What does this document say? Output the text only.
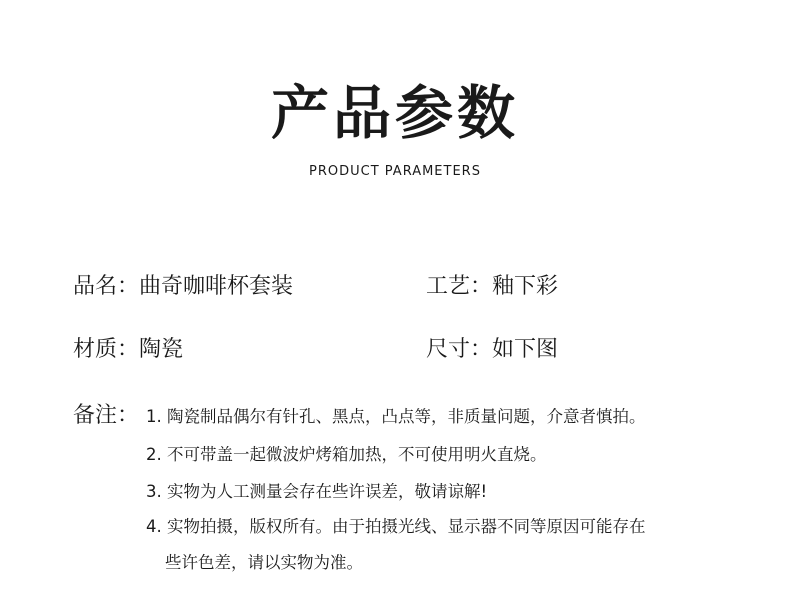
产品参数
PRODUCT PARAMETERS
品名：曲奇咖啡杯套装	工艺：釉下彩
材质：陶瓷	尺寸：如下图
备注： 1. 陶瓷制品偶尔有针孔、黑点，凸点等，非质量问题，介意者慎拍。
2. 不可带盖一起微波炉烤箱加热，不可使用明火直烧。
3. 实物为人工测量会存在些许误差，敬请谅解!
4. 实物拍摄，版权所有。由于拍摄光线、显示器不同等原因可能存在
些许色差，请以实物为准。
